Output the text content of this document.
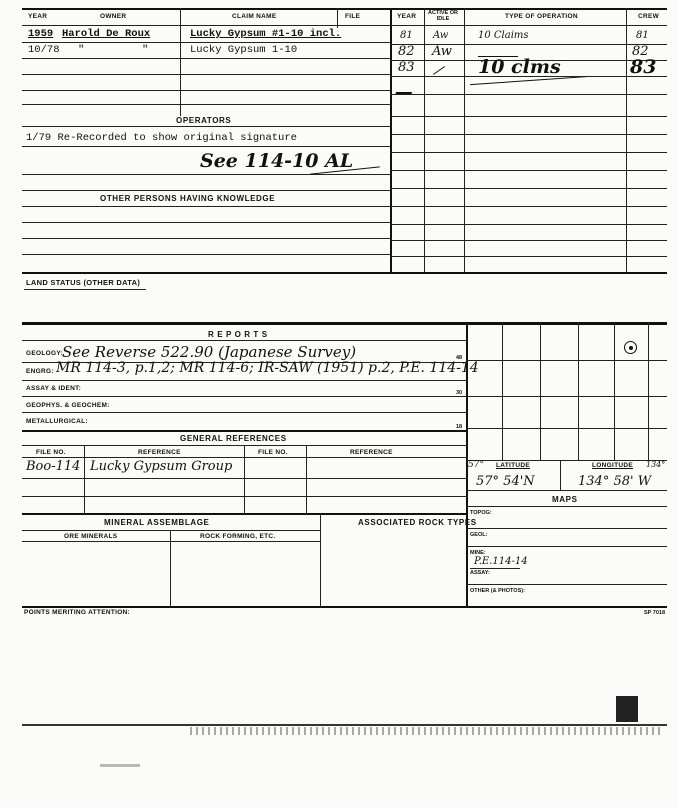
YEAR	OWNER	CLAIM NAME	FILE	YEAR	ACTIVE OR IDLE	TYPE OF OPERATION	CREW
1959 Harold De Roux	Lucky Gypsum #1-10 incl.
10/78 "	"	Lucky Gypsum 1-10
81 Aw	10 Claims	81
82 Aw	82
83	10 clms	83
OPERATORS
1/79 Re-Recorded to show original signature
See 114-10 AL
OTHER PERSONS HAVING KNOWLEDGE
LAND STATUS (OTHER DATA)
R E P O R T S
GEOLOGY: See Reverse 522.90 (Japanese Survey)	48
ENGRG: MR 114-3, p.1,2; MR 114-6; IR-SAW (1951) p.2, P.E. 114-14
ASSAY & IDENT:
30
GEOPHYS. & GEOCHEM:
METALLURGICAL:
18
GENERAL REFERENCES
FILE NO.	REFERENCE	FILE NO.	REFERENCE
Boo-114 Lucky Gypsum Group
MINERAL ASSEMBLAGE	ASSOCIATED ROCK TYPES
ORE MINERALS	ROCK FORMING, ETC.
57° LATITUDE	LONGITUDE 134°
57° 54'N	134° 58' W
MAPS
TOPOG:
GEOL:
MINE:
P.E.114-14
ASSAY:
OTHER (& PHOTOS):
POINTS MERITING ATTENTION:	SP 7018
